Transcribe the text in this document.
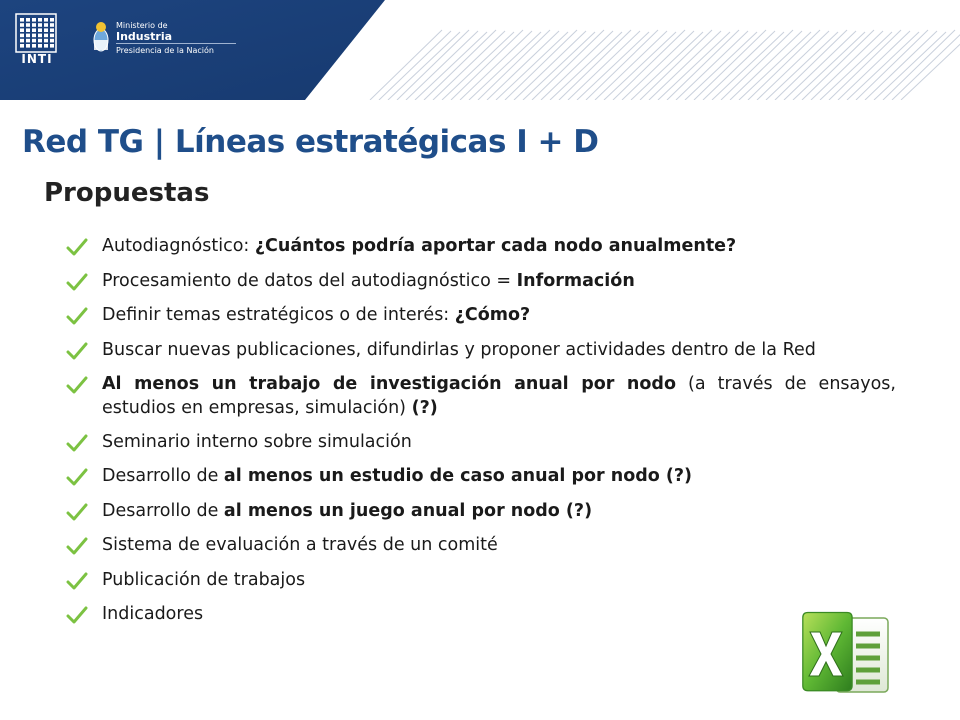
INTI
Ministerio de
Industria
Presidencia de la Nación
Red TG | Líneas estratégicas I + D
Propuestas
Autodiagnóstico: ¿Cuántos podría aportar cada nodo anualmente?
Procesamiento de datos del autodiagnóstico = Información
Definir temas estratégicos o de interés: ¿Cómo?
Buscar nuevas publicaciones, difundirlas y proponer actividades dentro de la Red
Al menos un trabajo de investigación anual por nodo (a través de ensayos, estudios en empresas, simulación) (?)
Seminario interno sobre simulación
Desarrollo de al menos un estudio de caso anual por nodo (?)
Desarrollo de al menos un juego anual por nodo (?)
Sistema de evaluación a través de un comité
Publicación de trabajos
Indicadores
